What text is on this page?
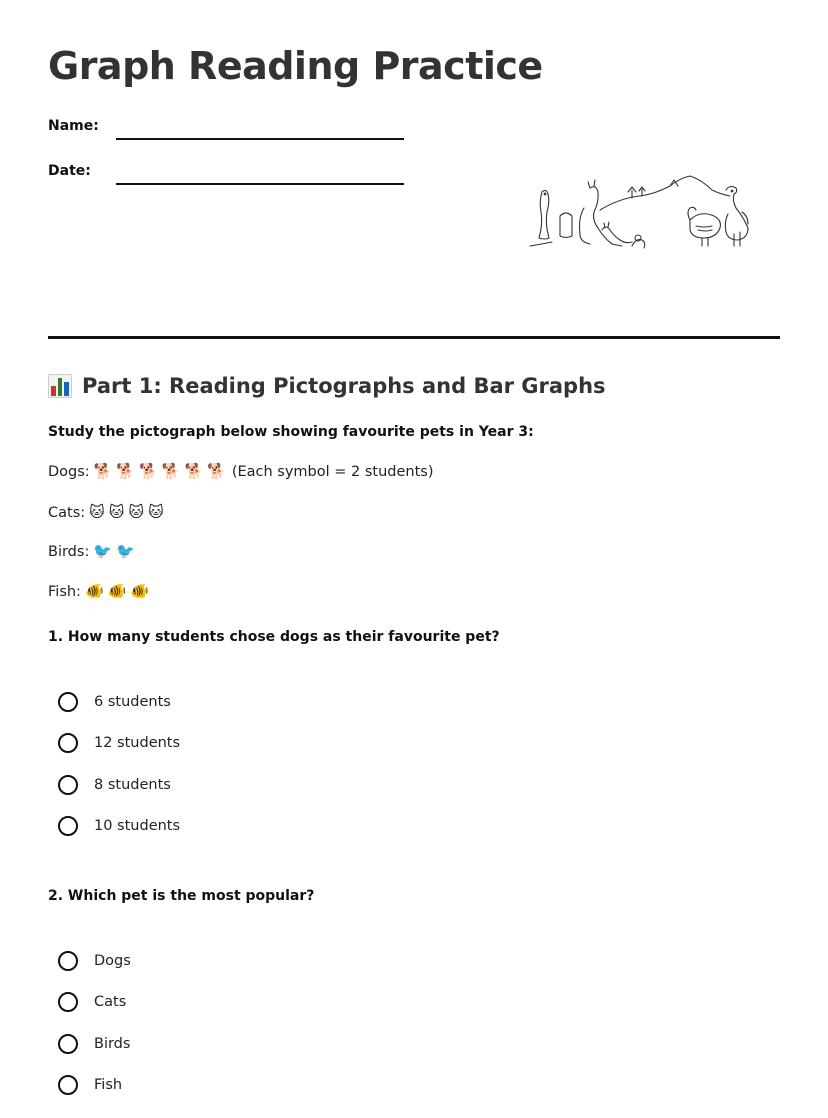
Graph Reading Practice
Name:
Date:
Part 1: Reading Pictographs and Bar Graphs
Study the pictograph below showing favourite pets in Year 3:
Dogs: 🐕 🐕 🐕 🐕 🐕 🐕 (Each symbol = 2 students)
Cats: 🐱 🐱 🐱 🐱
Birds: 🐦 🐦
Fish: 🐠 🐠 🐠
1. How many students chose dogs as their favourite pet?
6 students
12 students
8 students
10 students
2. Which pet is the most popular?
Dogs
Cats
Birds
Fish
